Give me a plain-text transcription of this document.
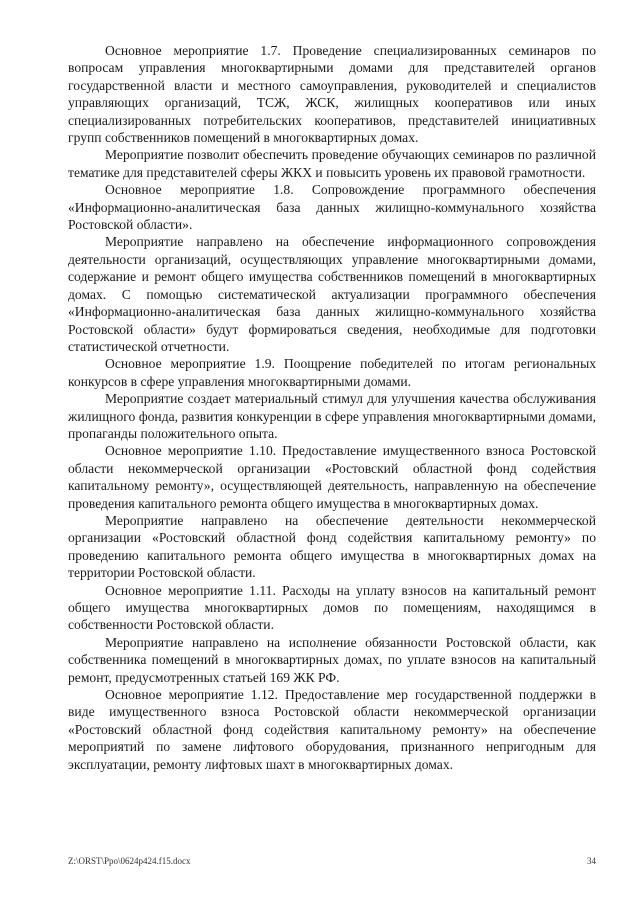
Основное мероприятие 1.7. Проведение специализированных семинаров по вопросам управления многоквартирными домами для представителей органов государственной власти и местного самоуправления, руководителей и специалистов управляющих организаций, ТСЖ, ЖСК, жилищных кооперативов или иных специализированных потребительских кооперативов, представителей инициативных групп собственников помещений в многоквартирных домах.

Мероприятие позволит обеспечить проведение обучающих семинаров по различной тематике для представителей сферы ЖКХ и повысить уровень их правовой грамотности.

Основное мероприятие 1.8. Сопровождение программного обеспечения «Информационно-аналитическая база данных жилищно-коммунального хозяйства Ростовской области».

Мероприятие направлено на обеспечение информационного сопровождения деятельности организаций, осуществляющих управление многоквартирными домами, содержание и ремонт общего имущества собственников помещений в многоквартирных домах. С помощью систематической актуализации программного обеспечения «Информационно-аналитическая база данных жилищно-коммунального хозяйства Ростовской области» будут формироваться сведения, необходимые для подготовки статистической отчетности.

Основное мероприятие 1.9. Поощрение победителей по итогам региональных конкурсов в сфере управления многоквартирными домами.

Мероприятие создает материальный стимул для улучшения качества обслуживания жилищного фонда, развития конкуренции в сфере управления многоквартирными домами, пропаганды положительного опыта.

Основное мероприятие 1.10. Предоставление имущественного взноса Ростовской области некоммерческой организации «Ростовский областной фонд содействия капитальному ремонту», осуществляющей деятельность, направленную на обеспечение проведения капитального ремонта общего имущества в многоквартирных домах.

Мероприятие направлено на обеспечение деятельности некоммерческой организации «Ростовский областной фонд содействия капитальному ремонту» по проведению капитального ремонта общего имущества в многоквартирных домах на территории Ростовской области.

Основное мероприятие 1.11. Расходы на уплату взносов на капитальный ремонт общего имущества многоквартирных домов по помещениям, находящимся в собственности Ростовской области.

Мероприятие направлено на исполнение обязанности Ростовской области, как собственника помещений в многоквартирных домах, по уплате взносов на капитальный ремонт, предусмотренных статьей 169 ЖК РФ.

Основное мероприятие 1.12. Предоставление мер государственной поддержки в виде имущественного взноса Ростовской области некоммерческой организации «Ростовский областной фонд содействия капитальному ремонту» на обеспечение мероприятий по замене лифтового оборудования, признанного непригодным для эксплуатации, ремонту лифтовых шахт в многоквартирных домах.

Z:\ORST\Ppo\0624p424.f15.docx	34
